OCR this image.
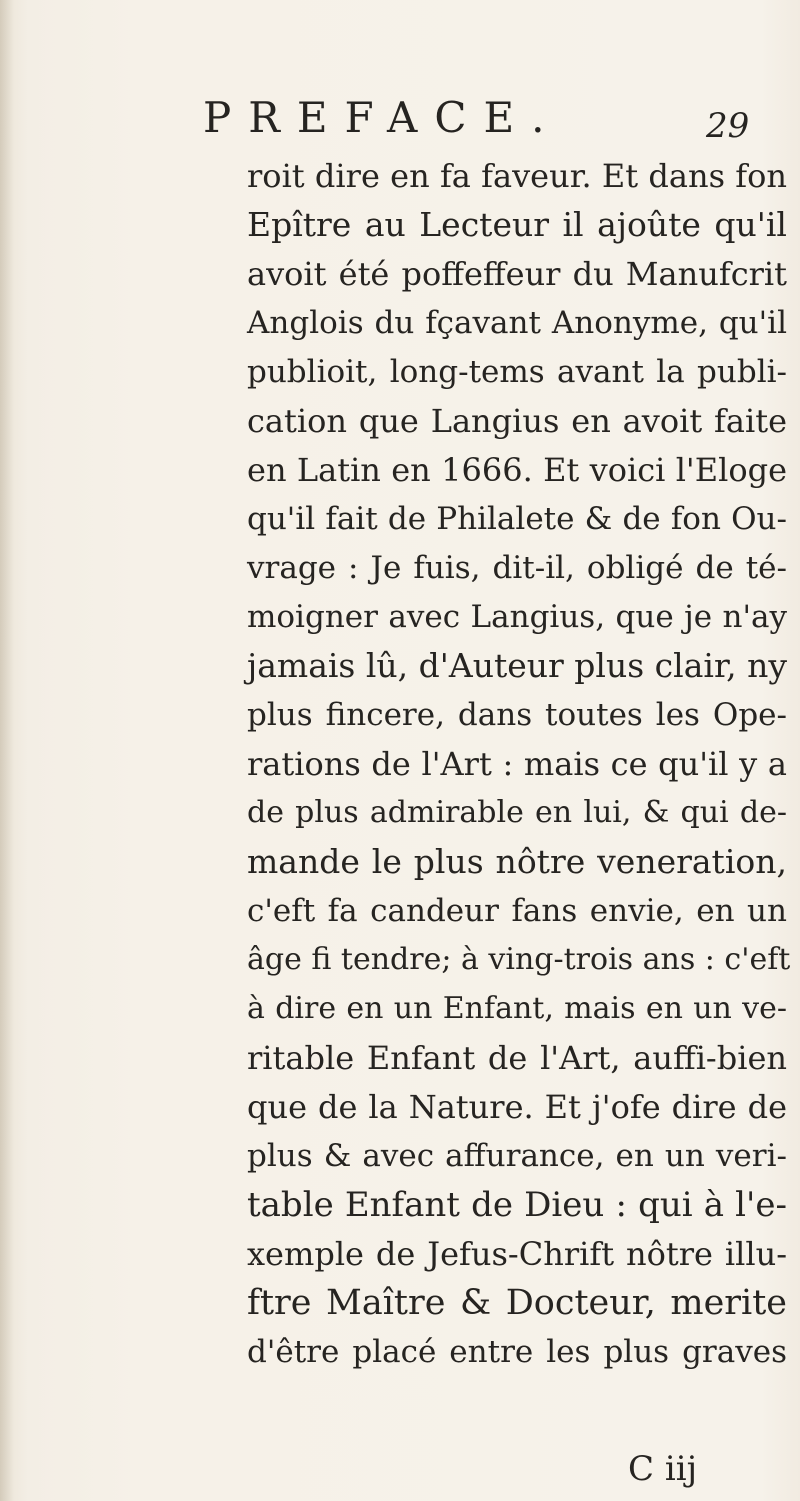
PREFACE.	29
roit dire en fa faveur. Et dans fon
Epître au Lecteur il ajoûte qu'il
avoit été poffeffeur du Manufcrit
Anglois du fçavant Anonyme, qu'il
publioit, long-tems avant la publi-
cation que Langius en avoit faite
en Latin en 1666. Et voici l'Eloge
qu'il fait de Philalete & de fon Ou-
vrage : Je fuis, dit-il, obligé de té-
moigner avec Langius, que je n'ay
jamais lû, d'Auteur plus clair, ny
plus fincere, dans toutes les Ope-
rations de l'Art : mais ce qu'il y a
de plus admirable en lui, & qui de-
mande le plus nôtre veneration,
c'eft fa candeur fans envie, en un
âge fi tendre; à ving-trois ans : c'eft
à dire en un Enfant, mais en un ve-
ritable Enfant de l'Art, auffi-bien
que de la Nature. Et j'ofe dire de
plus & avec affurance, en un veri-
table Enfant de Dieu : qui à l'e-
xemple de Jefus-Chrift nôtre illu-
ftre Maître & Docteur, merite
d'être placé entre les plus graves
C iij
